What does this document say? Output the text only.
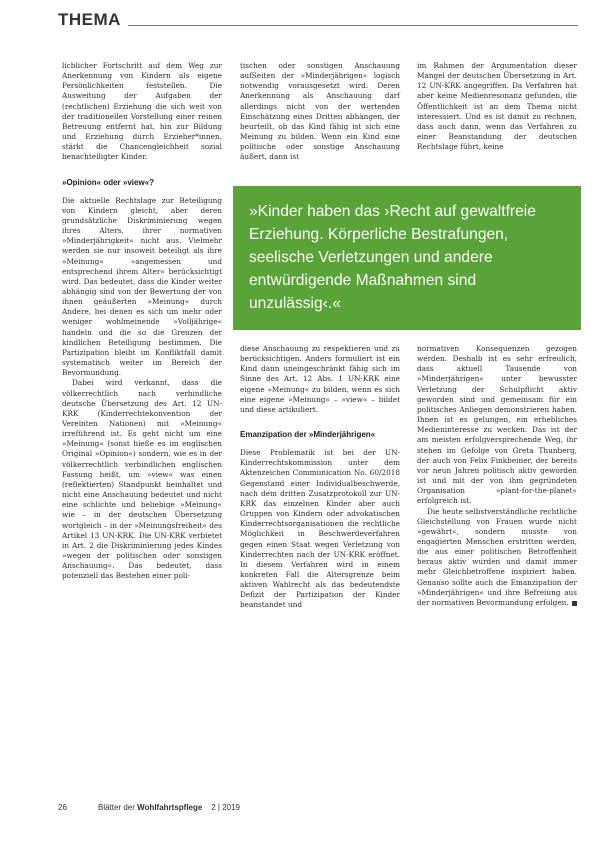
THEMA

licblicher Fortschritt auf dem Weg zur Anerkennung von Kindern als eigene Persönlichkeiten feststellen. Die Ausweitung der Aufgaben der (rechtlichen) Erziehung die sich weit von der traditionellen Vorstellung einer reinen Betreuung entfernt hat, hin zur Bildung und Erziehung durch Erzieher*innen, stärkt die Chancengleichheit sozial benachteiligter Kinder.

»Opinion« oder »view«?

Die aktuelle Rechtslage zur Beteiligung von Kindern gleicht, aber deren grundsätzliche Diskriminierung wegen ihres Alters, ihrer normativen »Minderjährigkeit« nicht aus. Vielmehr werden sie nur insoweit beteiligt als ihre »Meinung« »angemessen und entsprechend ihrem Alter« berücksichtigt wird. Das bedeutet, dass die Kinder weiter abhängig sind von der Bewertung der von ihnen geäußerten »Meinung« durch Andere, bei denen es sich um mehr oder weniger wohlmeinende »Volljährige« handeln und die so die Grenzen der kindlichen Beteiligung bestimmen. Die Partizipation bleibt im Konfliktfall damit systematisch weiter im Bereich der Bevormundung.

Dabei wird verkannt, dass die völkerrechtlich nach verbindliche deutsche Übersetzung des Art. 12 UN-KRK (Kinderrechtekonvention der Vereinten Nationen) mit »Meinung« irreführend ist. Es geht nicht um eine »Meinung« (sonst hieße es im englischen Original »Opinion«) sondern, wie es in der völkerrechtlich verbindlichen englischen Fassung heißt, um »view« was einen (reflektierten) Standpunkt beinhaltet und nicht eine Anschauung bedeutet und nicht eine schlichte und beliebige »Meinung« wie – in der deutschen Übersetzung wortgleich – in der »Meinungsfreiheit« des Artikel 13 UN-KRK. Die UN-KRK verbietet in Art. 2 die Diskriminierung jedes Kindes »wegen der politischen oder sonstigen Anschauung«. Das bedeutet, dass potenziell das Bestehen einer poli-

tischen oder sonstigen Anschauung aufSeiten der »Minderjährigen« logisch notwendig vorausgesetzt wird. Deren Anerkennung als Anschauung darf allerdings nicht von der wertenden Einschätzung eines Dritten abhängen, der beurteilt, ob das Kind fähig ist sich eine Meinung zu bilden. Wenn ein Kind eine politische oder sonstige Anschauung äußert, dann ist

im Rahmen der Argumentation dieser Mangel der deutschen Übersetzung in Art. 12 UN-KRK angegriffen. Da Verfahren hat aber keine Medienresonanz gefunden, die Öffentlichkeit ist an dem Thema nicht interessiert. Und es ist damit zu rechnen, dass auch dann, wenn das Verfahren zu einer Beanstandung der deutschen Rechtslage führt, keine

»Kinder haben das ›Recht auf gewaltfreie Erziehung. Körperliche Bestrafungen, seelische Verletzungen und andere entwürdigende Maßnahmen sind unzulässig‹.«

diese Anschauung zu respektieren und zu berücksichtigen. Anders formuliert ist ein Kind dann uneingeschränkt fähig sich im Sinne des Art. 12 Abs. 1 UN-KRK eine eigene »Meinung« zu bilden, wenn es sich eine eigene »Meinung« – »view« – bildet und diese artikuliert.

Emanzipation der »Minderjährigen«

Diese Problematik ist bei der UN-Kinderrechtskommission unter dem Aktenzeichen Communication No. 60/2018 Gegenstand einer Individualbeschwerde, nach dem dritten Zusatzprotokoll zur UN-KRK das einzelnen Kinder aber auch Gruppen von Kindern oder advokatischen Kinderrechtsorganisationen die rechtliche Möglichkeit in Beschwerdeverfahren gegen einen Staat wegen Verletzung von Kinderrechten nach der UN-KRK eröffnet. In diesem Verfahren wird in einem konkreten Fall die Altersgrenze beim aktiven Wahlrecht als das bedeutendste Defizit der Partizipation der Kinder beanstandet und

normativen Konsequenzen gezogen werden. Deshalb ist es sehr erfreulich, dass aktuell Tausende von »Minderjährigen« unter bewusster Verletzung der Schulpflicht aktiv geworden sind und gemeinsam für ein politisches Anliegen demonstrieren haben. Ihnen ist es gelungen, ein erhebliches Medieninteresse zu wecken. Das ist der am meisten erfolgversprechende Weg, ihr stehen im Gefolge von Greta Thunberg, der auch von Felix Finkbeiner, der bereits vor neun Jahren politisch aktiv geworden ist und mit der von ihm gegründeten Organisation »plant-for-the-planet« erfolgreich ist.

Die heute selbstverständliche rechtliche Gleichstellung von Frauen wurde nicht »gewährt«, sondern musste von engagierten Menschen erstritten werden, die aus einer politischen Betroffenheit heraus aktiv wurden und damit immer mehr Gleichbetroffene inspiriert haben. Genauso sollte auch die Emanzipation der »Minderjährigen« und ihre Befreiung aus der normativen Bevormundung erfolgen.

26	Blätter der Wohlfahrtspflege 2 | 2019
